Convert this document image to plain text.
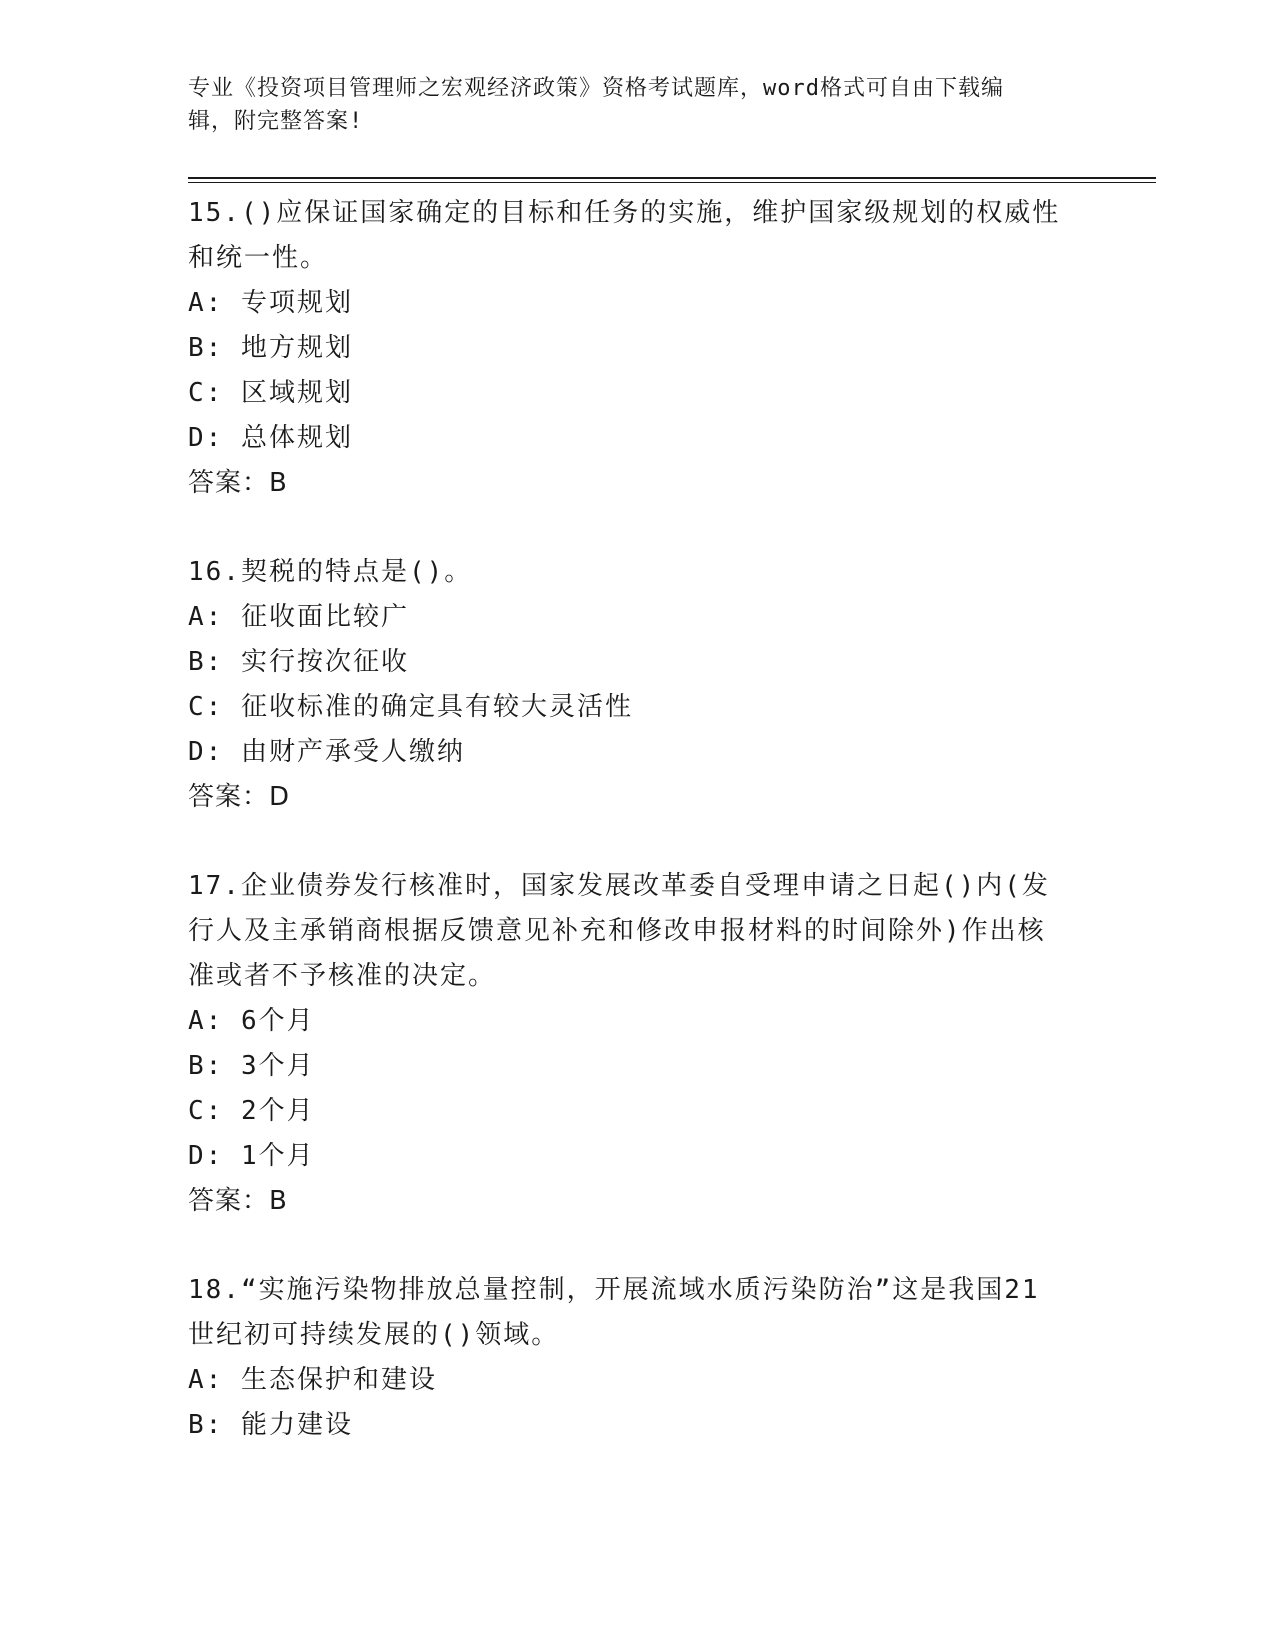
专业《投资项目管理师之宏观经济政策》资格考试题库，word格式可自由下载编
辑，附完整答案!
15.()应保证国家确定的目标和任务的实施，维护国家级规划的权威性
和统一性。
A: 专项规划
B: 地方规划
C: 区域规划
D: 总体规划
答案：B
16.契税的特点是()。
A: 征收面比较广
B: 实行按次征收
C: 征收标准的确定具有较大灵活性
D: 由财产承受人缴纳
答案：D
17.企业债券发行核准时，国家发展改革委自受理申请之日起()内(发
行人及主承销商根据反馈意见补充和修改申报材料的时间除外)作出核
准或者不予核准的决定。
A: 6个月
B: 3个月
C: 2个月
D: 1个月
答案：B
18.“实施污染物排放总量控制，开展流域水质污染防治”这是我国21
世纪初可持续发展的()领域。
A: 生态保护和建设
B: 能力建设
